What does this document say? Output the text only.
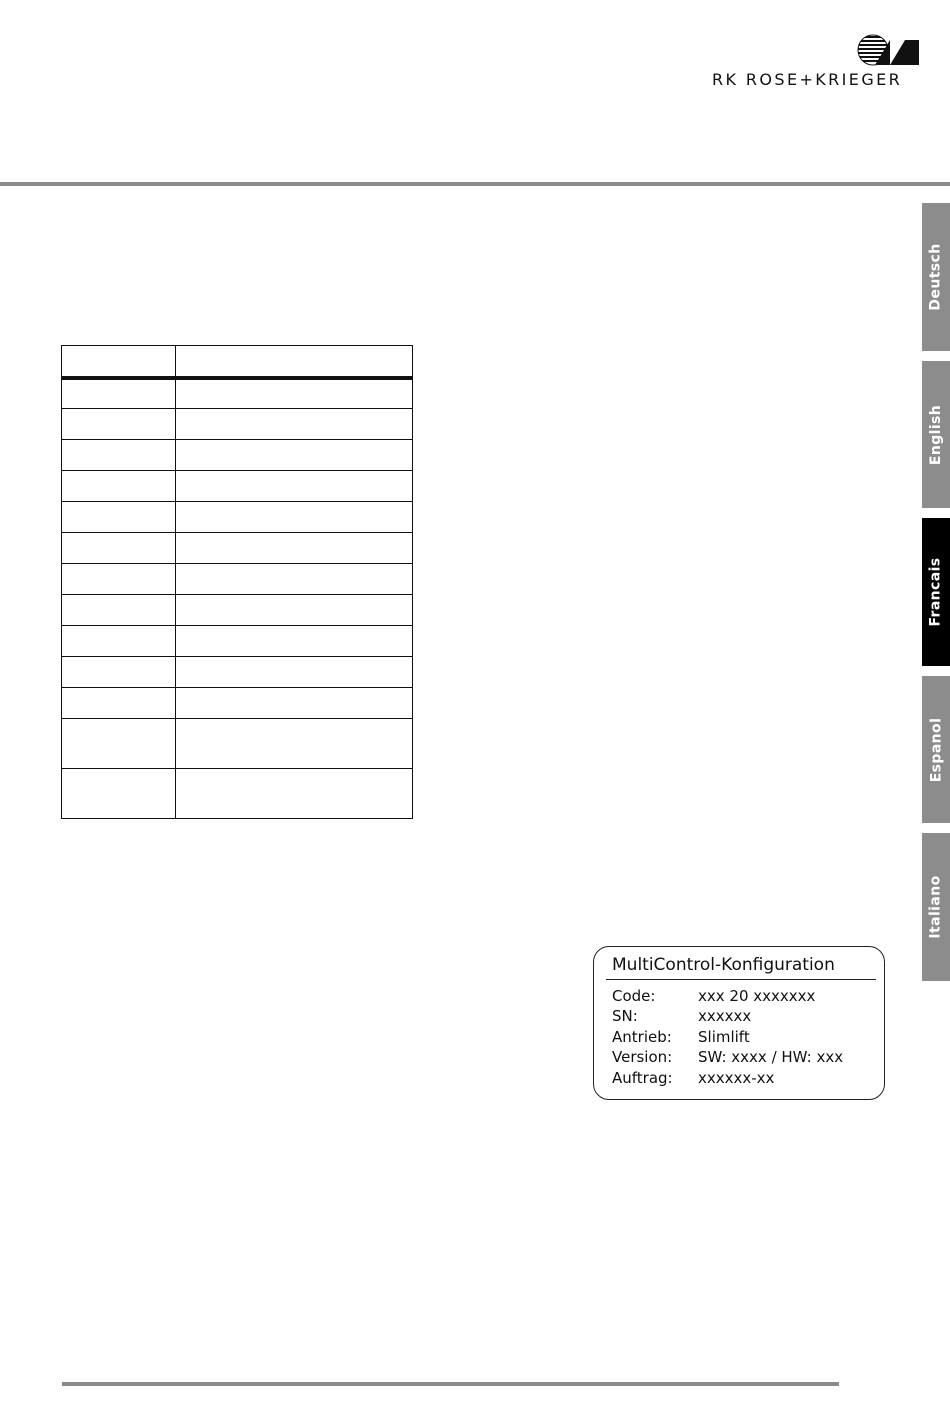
RK ROSE+KRIEGER
Deutsch
English
Francais
Espanol
Italiano

MultiControl-Konfiguration
Code:	xxx 20 xxxxxxx
SN:	xxxxxx
Antrieb: Slimlift
Version: SW: xxxx / HW: xxx
Auftrag: xxxxxx-xx
